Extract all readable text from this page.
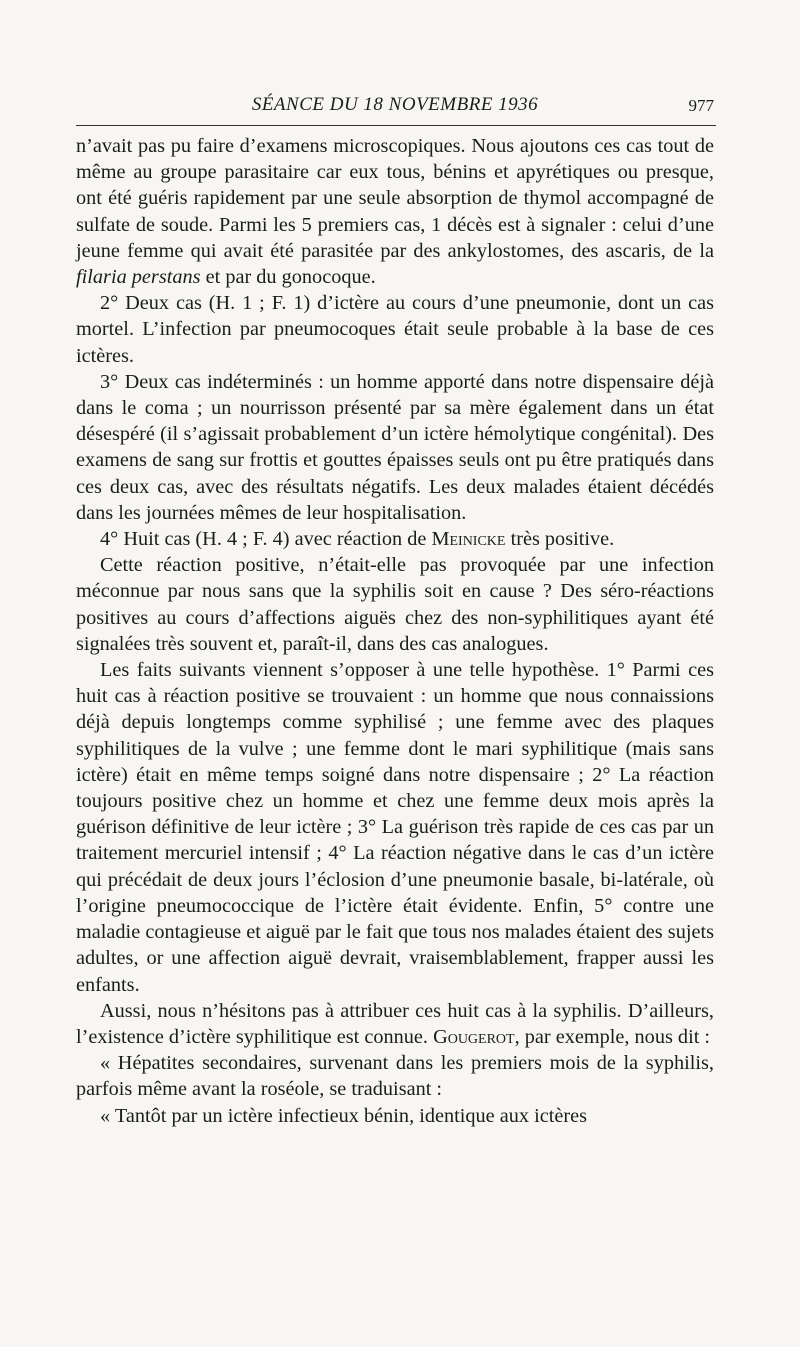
SÉANCE DU 18 NOVEMBRE 1936	977

n’avait pas pu faire d’examens microscopiques. Nous ajoutons ces cas tout de même au groupe parasitaire car eux tous, bénins et apyrétiques ou presque, ont été guéris rapidement par une seule absorption de thymol accompagné de sulfate de soude. Parmi les 5 premiers cas, 1 décès est à signaler : celui d’une jeune femme qui avait été parasitée par des ankylostomes, des ascaris, de la filaria perstans et par du gonocoque.

2° Deux cas (H. 1 ; F. 1) d’ictère au cours d’une pneumonie, dont un cas mortel. L’infection par pneumocoques était seule probable à la base de ces ictères.

3° Deux cas indéterminés : un homme apporté dans notre dispensaire déjà dans le coma ; un nourrisson présenté par sa mère également dans un état désespéré (il s’agissait probablement d’un ictère hémolytique congénital). Des examens de sang sur frottis et gouttes épaisses seuls ont pu être pratiqués dans ces deux cas, avec des résultats négatifs. Les deux malades étaient décédés dans les journées mêmes de leur hospitalisation.

4° Huit cas (H. 4 ; F. 4) avec réaction de Meinicke très positive.

Cette réaction positive, n’était-elle pas provoquée par une infection méconnue par nous sans que la syphilis soit en cause ? Des séro-réactions positives au cours d’affections aiguës chez des non-syphilitiques ayant été signalées très souvent et, paraît-il, dans des cas analogues.

Les faits suivants viennent s’opposer à une telle hypothèse. 1° Parmi ces huit cas à réaction positive se trouvaient : un homme que nous connaissions déjà depuis longtemps comme syphilisé ; une femme avec des plaques syphilitiques de la vulve ; une femme dont le mari syphilitique (mais sans ictère) était en même temps soigné dans notre dispensaire ; 2° La réaction toujours positive chez un homme et chez une femme deux mois après la guérison définitive de leur ictère ; 3° La guérison très rapide de ces cas par un traitement mercuriel intensif ; 4° La réaction négative dans le cas d’un ictère qui précédait de deux jours l’éclosion d’une pneumonie basale, bi-latérale, où l’origine pneumococcique de l’ictère était évidente. Enfin, 5° contre une maladie contagieuse et aiguë par le fait que tous nos malades étaient des sujets adultes, or une affection aiguë devrait, vraisemblablement, frapper aussi les enfants.

Aussi, nous n’hésitons pas à attribuer ces huit cas à la syphilis. D’ailleurs, l’existence d’ictère syphilitique est connue. Gougerot, par exemple, nous dit :

« Hépatites secondaires, survenant dans les premiers mois de la syphilis, parfois même avant la roséole, se traduisant :

« Tantôt par un ictère infectieux bénin, identique aux ictères
